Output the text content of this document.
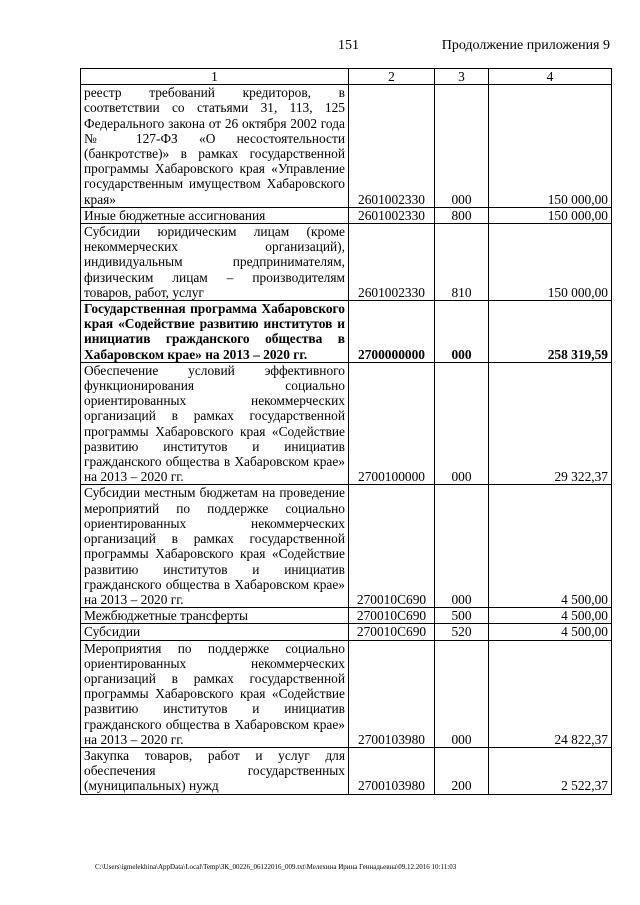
151	Продолжение приложения 9
1	2	3	4
реестр требований кредиторов, в соответствии со статьями 31, 113, 125 Федерального закона от 26 октября 2002 года № 127-ФЗ «О несостоятельности (банкротстве)» в рамках государственной программы Хабаровского края «Управление государственным имуществом Хабаровского края»	2601002330	000	150 000,00
Иные бюджетные ассигнования	2601002330	800	150 000,00
Субсидии юридическим лицам (кроме некоммерческих организаций), индивидуальным предпринимателям, физическим лицам – производителям товаров, работ, услуг	2601002330	810	150 000,00
Государственная программа Хабаровского края «Содействие развитию институтов и инициатив гражданского общества в Хабаровском крае» на 2013 – 2020 гг.	2700000000	000	258 319,59
Обеспечение условий эффективного функционирования социально ориентированных некоммерческих организаций в рамках государственной программы Хабаровского края «Содействие развитию институтов и инициатив гражданского общества в Хабаровском крае» на 2013 – 2020 гг.	2700100000	000	29 322,37
Субсидии местным бюджетам на проведение мероприятий по поддержке социально ориентированных некоммерческих организаций в рамках государственной программы Хабаровского края «Содействие развитию институтов и инициатив гражданского общества в Хабаровском крае» на 2013 – 2020 гг.	270010С690	000	4 500,00
Межбюджетные трансферты	270010С690	500	4 500,00
Субсидии	270010С690	520	4 500,00
Мероприятия по поддержке социально ориентированных некоммерческих организаций в рамках государственной программы Хабаровского края «Содействие развитию институтов и инициатив гражданского общества в Хабаровском крае» на 2013 – 2020 гг.	2700103980	000	24 822,37
Закупка товаров, работ и услуг для обеспечения государственных (муниципальных) нужд	2700103980	200	2 522,37
C:\Users\igmelekhina\AppData\Local\Temp\ЗК_00226_06122016_009.txt\Мелехина Ирина Геннадьевна\09.12.2016 10:11:03
